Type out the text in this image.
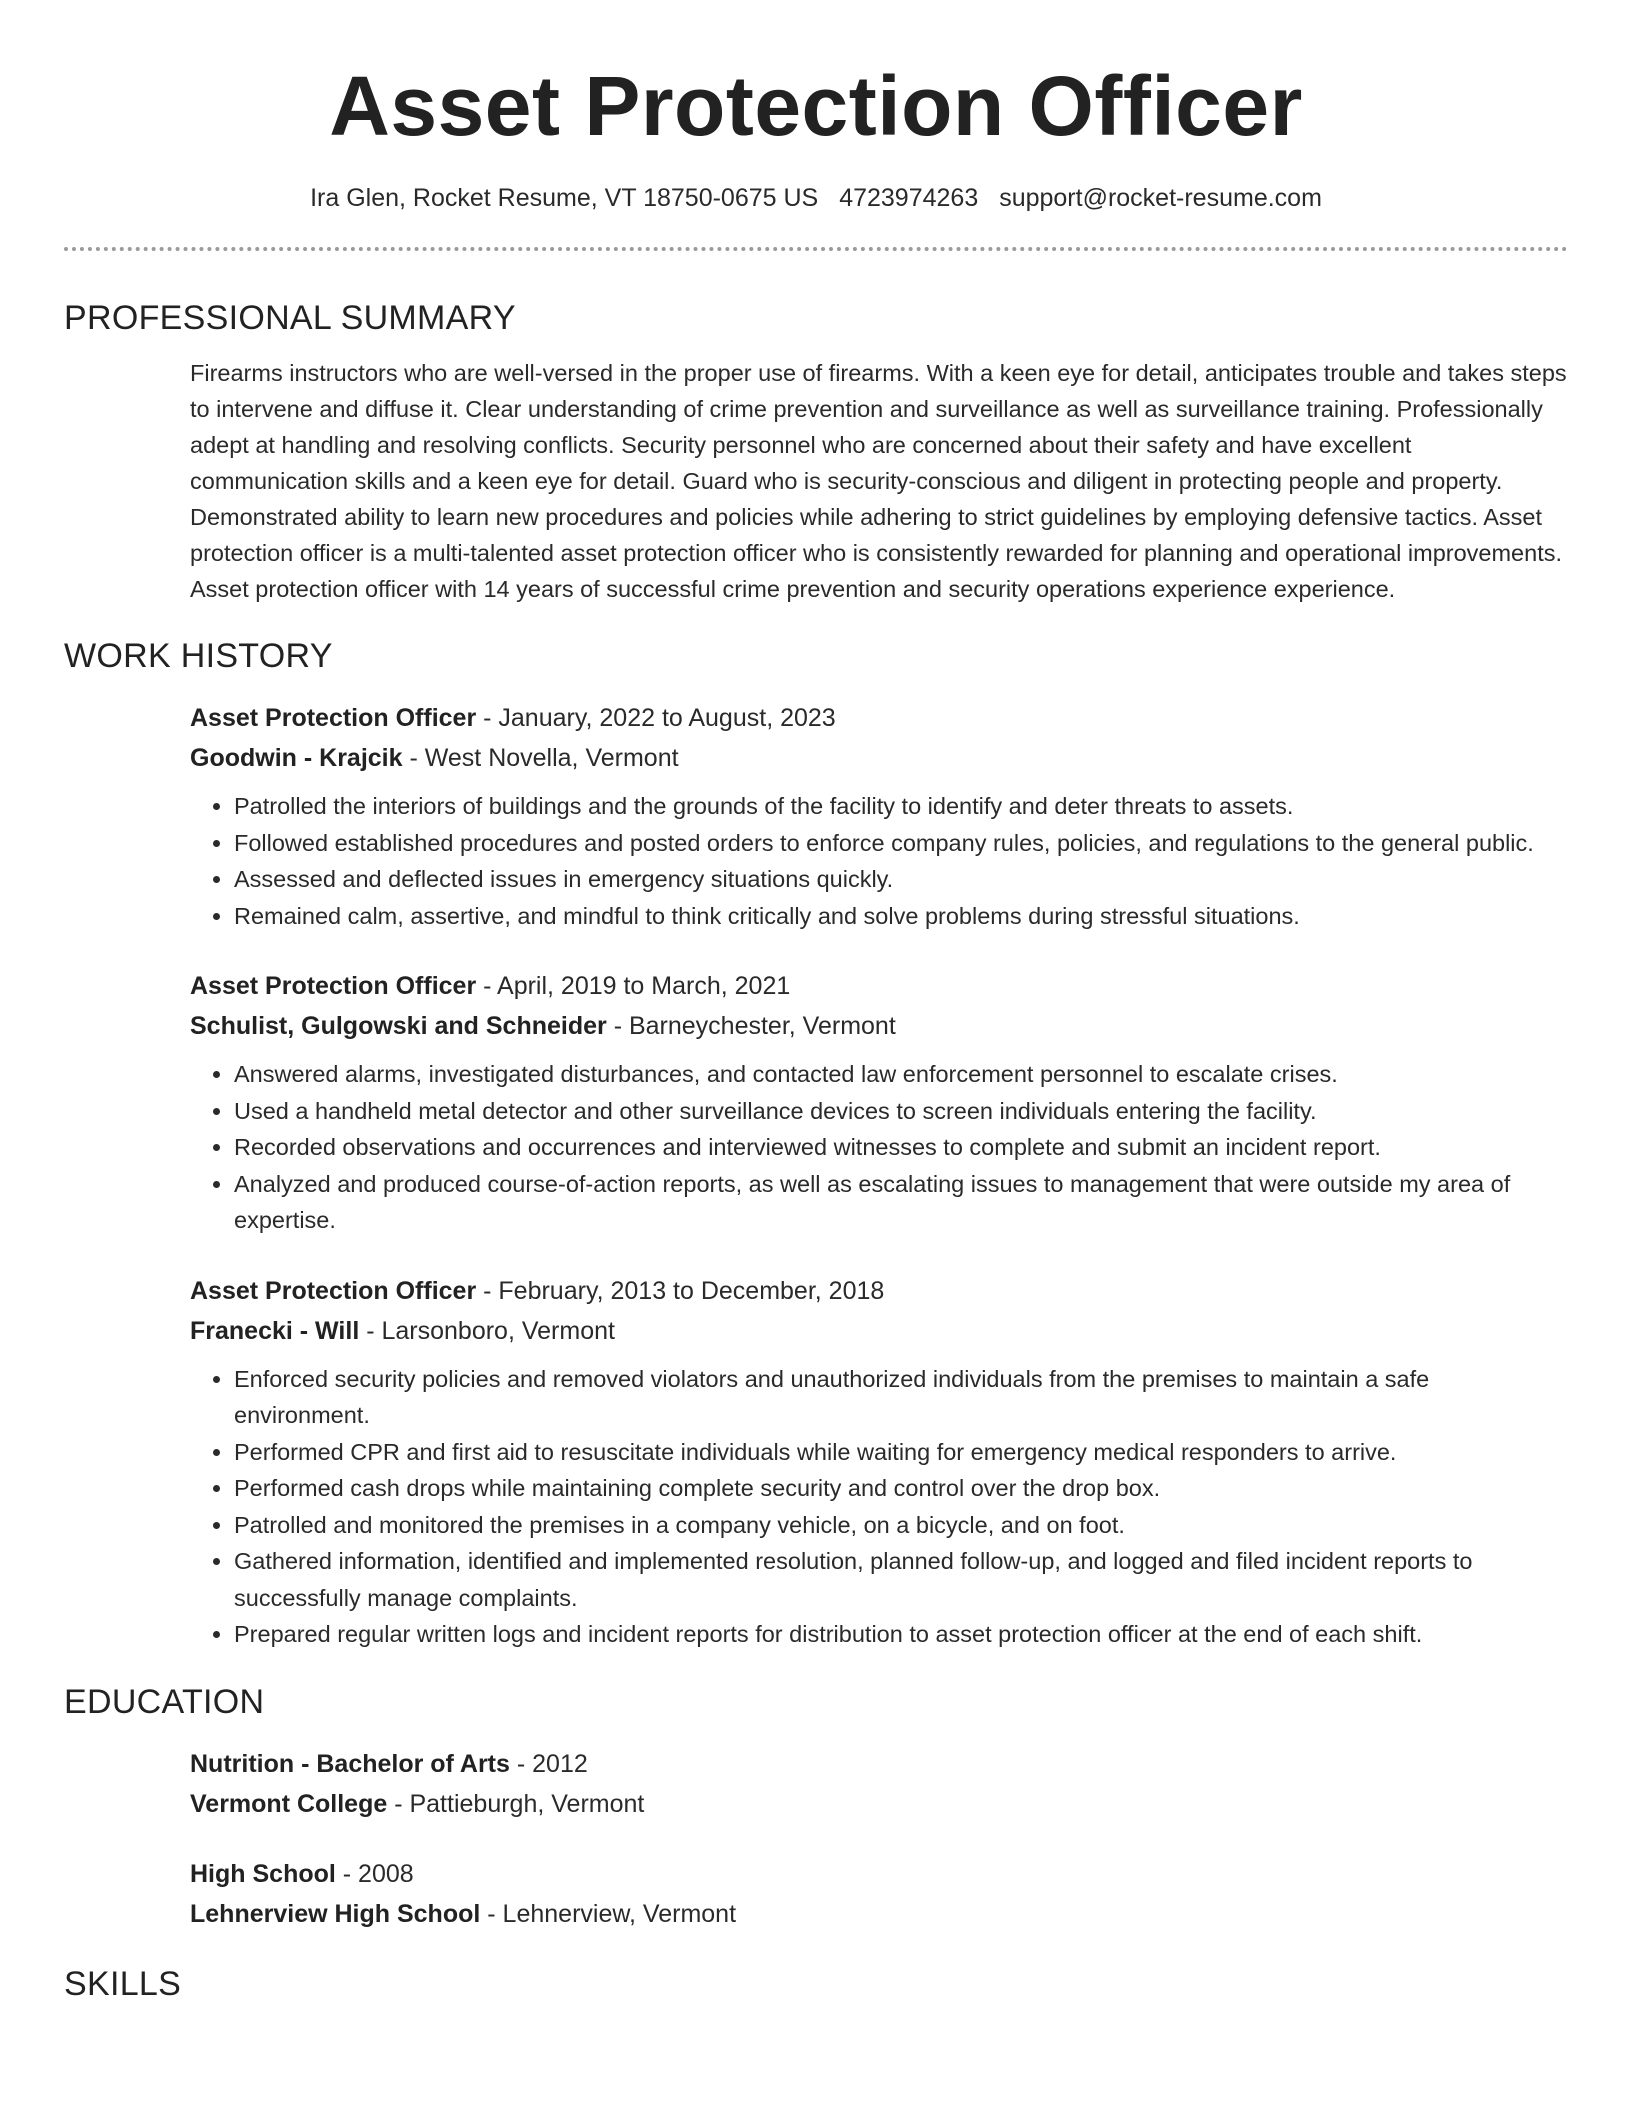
Asset Protection Officer
Ira Glen, Rocket Resume, VT 18750-0675 US 4723974263 support@rocket-resume.com
PROFESSIONAL SUMMARY

Firearms instructors who are well-versed in the proper use of firearms. With a keen eye for detail, anticipates trouble and takes steps to intervene and diffuse it. Clear understanding of crime prevention and surveillance as well as surveillance training. Professionally adept at handling and resolving conflicts. Security personnel who are concerned about their safety and have excellent communication skills and a keen eye for detail. Guard who is security-conscious and diligent in protecting people and property. Demonstrated ability to learn new procedures and policies while adhering to strict guidelines by employing defensive tactics. Asset protection officer is a multi-talented asset protection officer who is consistently rewarded for planning and operational improvements. Asset protection officer with 14 years of successful crime prevention and security operations experience experience.

WORK HISTORY
Asset Protection Officer - January, 2022 to August, 2023
Goodwin - Krajcik - West Novella, Vermont
• Patrolled the interiors of buildings and the grounds of the facility to identify and deter threats to assets.
• Followed established procedures and posted orders to enforce company rules, policies, and regulations to the general public.
• Assessed and deflected issues in emergency situations quickly.
• Remained calm, assertive, and mindful to think critically and solve problems during stressful situations.
Asset Protection Officer - April, 2019 to March, 2021
Schulist, Gulgowski and Schneider - Barneychester, Vermont
• Answered alarms, investigated disturbances, and contacted law enforcement personnel to escalate crises.
• Used a handheld metal detector and other surveillance devices to screen individuals entering the facility.
• Recorded observations and occurrences and interviewed witnesses to complete and submit an incident report.
• Analyzed and produced course-of-action reports, as well as escalating issues to management that were outside my area of expertise.
Asset Protection Officer - February, 2013 to December, 2018
Franecki - Will - Larsonboro, Vermont
• Enforced security policies and removed violators and unauthorized individuals from the premises to maintain a safe environment.
• Performed CPR and first aid to resuscitate individuals while waiting for emergency medical responders to arrive.
• Performed cash drops while maintaining complete security and control over the drop box.
• Patrolled and monitored the premises in a company vehicle, on a bicycle, and on foot.
• Gathered information, identified and implemented resolution, planned follow-up, and logged and filed incident reports to successfully manage complaints.
• Prepared regular written logs and incident reports for distribution to asset protection officer at the end of each shift.
EDUCATION
Nutrition - Bachelor of Arts - 2012
Vermont College - Pattieburgh, Vermont
High School - 2008
Lehnerview High School - Lehnerview, Vermont
SKILLS
